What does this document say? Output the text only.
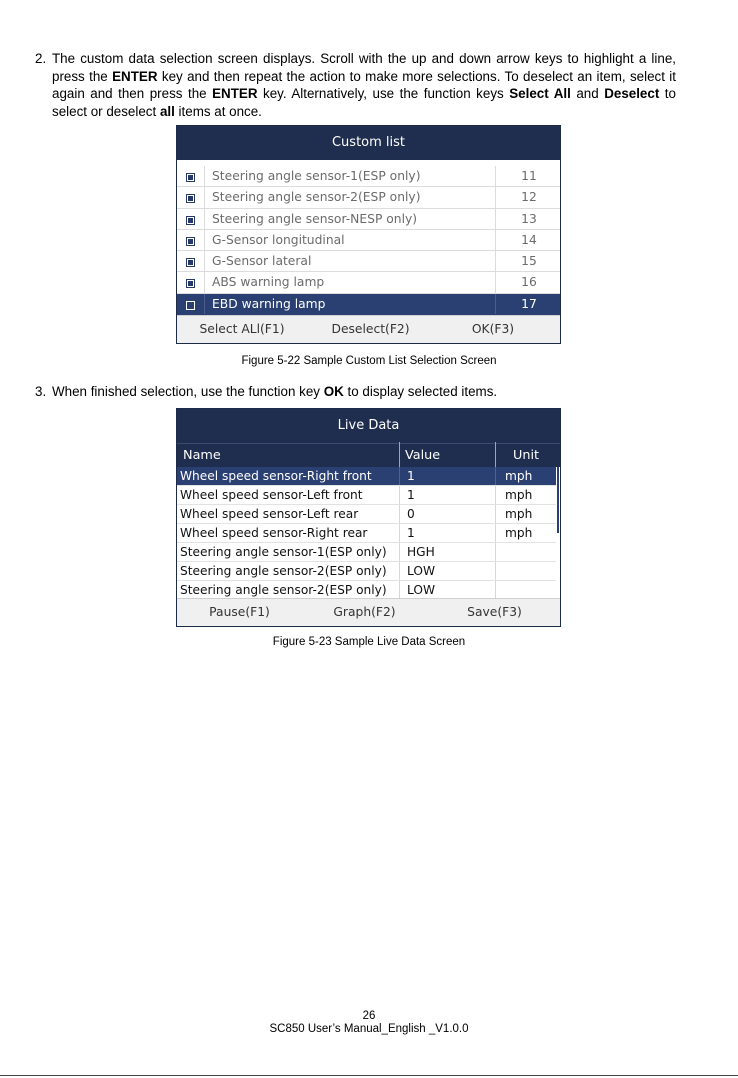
2. The custom data selection screen displays. Scroll with the up and down arrow keys to highlight a line, press the ENTER key and then repeat the action to make more selections. To deselect an item, select it again and then press the ENTER key. Alternatively, use the function keys Select All and Deselect to select or deselect all items at once.
Custom list
Steering angle sensor-1(ESP only)	11
Steering angle sensor-2(ESP only)	12
Steering angle sensor-NESP only)	13
G-Sensor longitudinal	14
G-Sensor lateral	15
ABS warning lamp	16
EBD warning lamp	17
Select ALl(F1)	Deselect(F2)	OK(F3)
Figure 5-22 Sample Custom List Selection Screen
3. When finished selection, use the function key OK to display selected items.
Live Data
Name	Value	Unit
Wheel speed sensor-Right front	1	mph
Wheel speed sensor-Left front	1	mph
Wheel speed sensor-Left rear	0	mph
Wheel speed sensor-Right rear	1	mph
Steering angle sensor-1(ESP only) HGH
Steering angle sensor-2(ESP only) LOW
Steering angle sensor-2(ESP only) LOW
Pause(F1)	Graph(F2)	Save(F3)
Figure 5-23 Sample Live Data Screen
26
SC850 User’s Manual_English _V1.0.0
